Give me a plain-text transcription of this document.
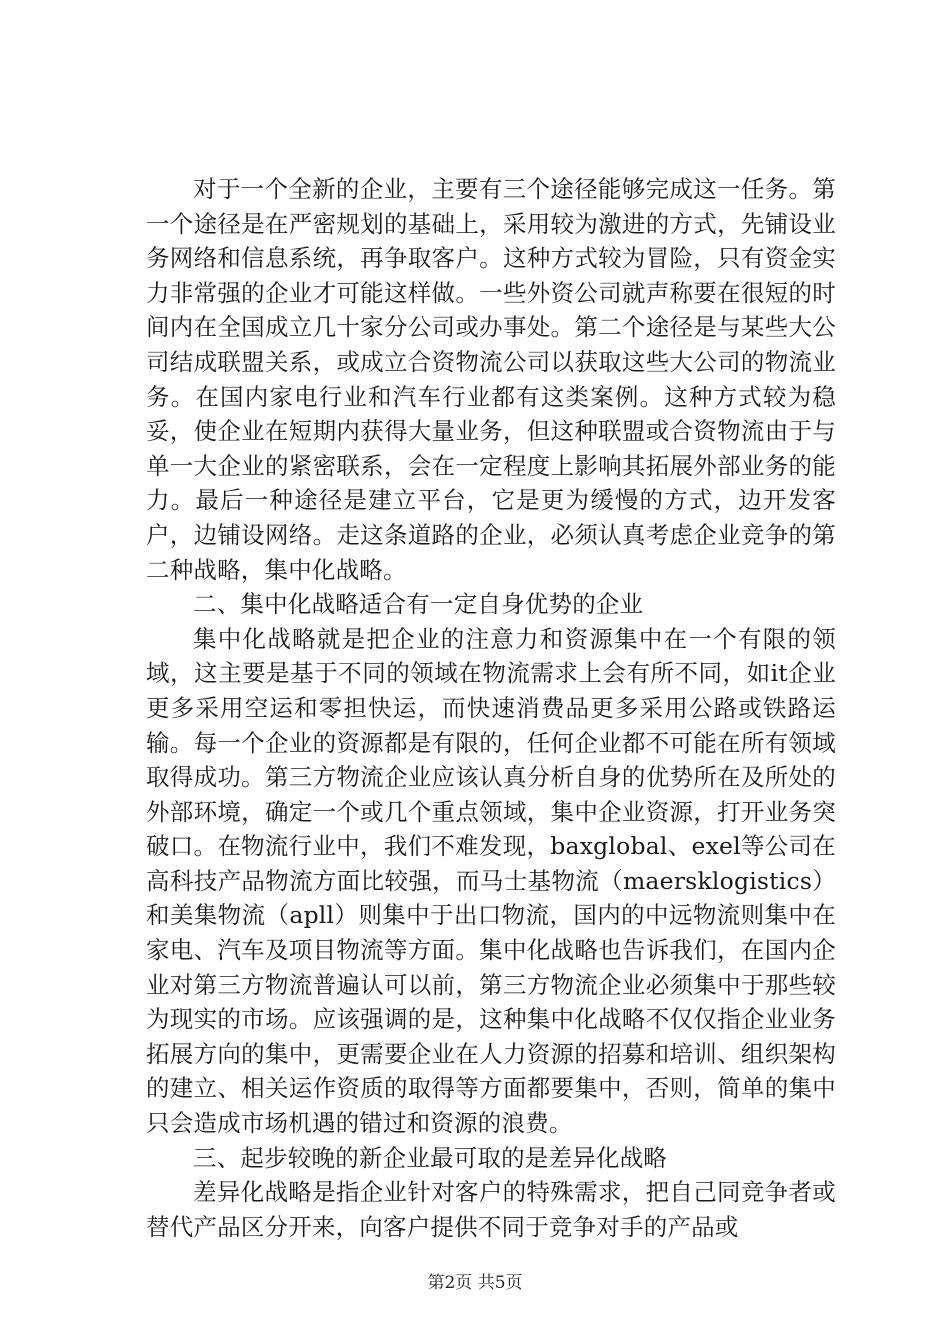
对于一个全新的企业，主要有三个途径能够完成这一任务。第一个途径是在严密规划的基础上，采用较为激进的方式，先铺设业务网络和信息系统，再争取客户。这种方式较为冒险，只有资金实力非常强的企业才可能这样做。一些外资公司就声称要在很短的时间内在全国成立几十家分公司或办事处。第二个途径是与某些大公司结成联盟关系，或成立合资物流公司以获取这些大公司的物流业务。在国内家电行业和汽车行业都有这类案例。这种方式较为稳妥，使企业在短期内获得大量业务，但这种联盟或合资物流由于与单一大企业的紧密联系，会在一定程度上影响其拓展外部业务的能力。最后一种途径是建立平台，它是更为缓慢的方式，边开发客户，边铺设网络。走这条道路的企业，必须认真考虑企业竞争的第二种战略，集中化战略。

二、集中化战略适合有一定自身优势的企业

集中化战略就是把企业的注意力和资源集中在一个有限的领域，这主要是基于不同的领域在物流需求上会有所不同，如it企业更多采用空运和零担快运，而快速消费品更多采用公路或铁路运输。每一个企业的资源都是有限的，任何企业都不可能在所有领域取得成功。第三方物流企业应该认真分析自身的优势所在及所处的外部环境，确定一个或几个重点领域，集中企业资源，打开业务突破口。在物流行业中，我们不难发现，baxglobal、exel等公司在高科技产品物流方面比较强，而马士基物流（maersklogistics）和美集物流（apll）则集中于出口物流，国内的中远物流则集中在家电、汽车及项目物流等方面。集中化战略也告诉我们，在国内企业对第三方物流普遍认可以前，第三方物流企业必须集中于那些较为现实的市场。应该强调的是，这种集中化战略不仅仅指企业业务拓展方向的集中，更需要企业在人力资源的招募和培训、组织架构的建立、相关运作资质的取得等方面都要集中，否则，简单的集中只会造成市场机遇的错过和资源的浪费。

三、起步较晚的新企业最可取的是差异化战略

差异化战略是指企业针对客户的特殊需求，把自己同竞争者或替代产品区分开来，向客户提供不同于竞争对手的产品或

第2页 共5页
